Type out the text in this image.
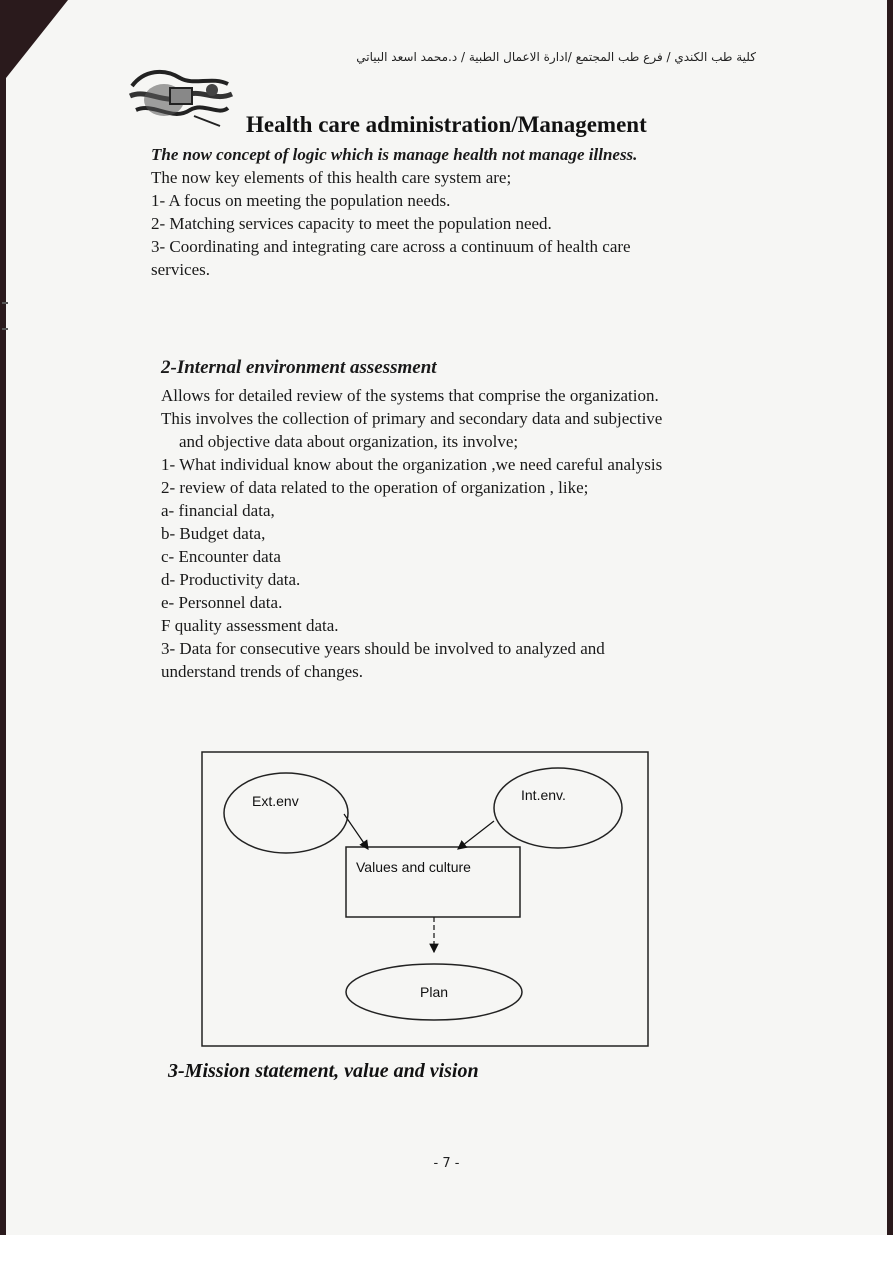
كلية طب الكندي / فرع طب المجتمع /ادارة الاعمال الطبية / د.محمد اسعد البياتي
Health care administration/Management

The now concept of logic which is manage health not manage illness.

The now key elements of this health care system are;

1- A focus on meeting the population needs.

2- Matching services capacity to meet the population need.

3- Coordinating and integrating care across a continuum of health care

services.

2-Internal environment assessment

Allows for detailed review of the systems that comprise the organization.

This involves the collection of primary and secondary data and subjective

and objective data about organization, its involve;

1- What individual know about the organization ,we need careful analysis

2- review of data related to the operation of organization , like;

a- financial data,

b- Budget data,

c- Encounter data

d- Productivity data.

e- Personnel data.

F quality assessment data.

3- Data for consecutive years should be involved to analyzed and

understand trends of changes.

Ext.env	Int.env.
Values and culture
Plan
3-Mission statement, value and vision
- 7 -
